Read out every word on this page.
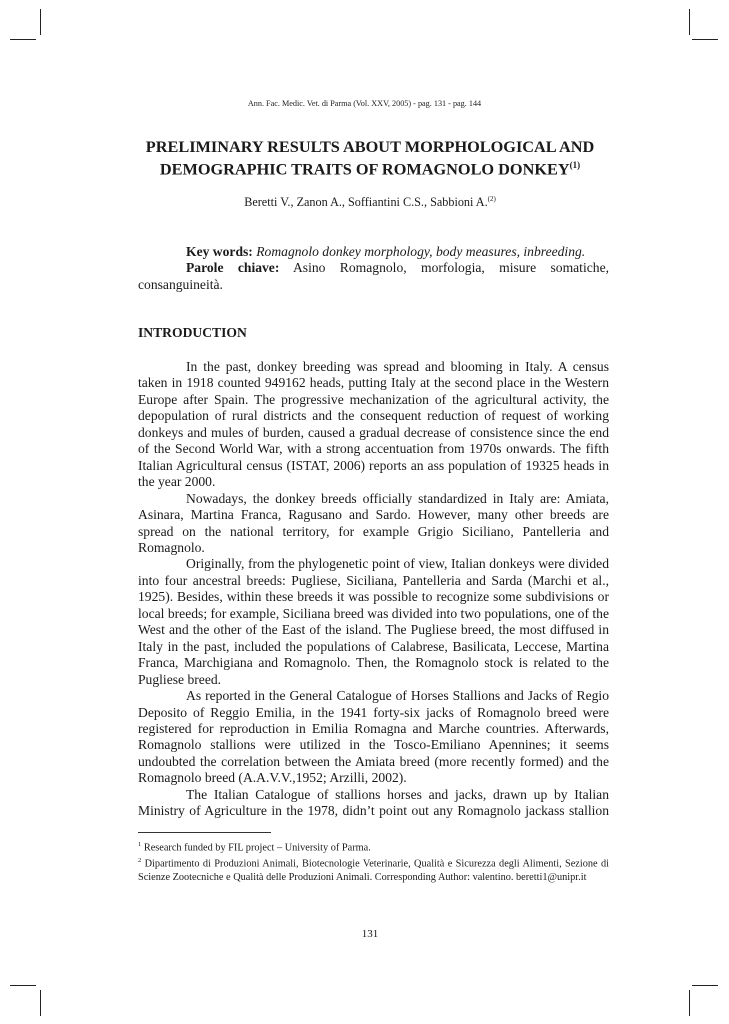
Ann. Fac. Medic. Vet. di Parma (Vol. XXV, 2005) - pag. 131 - pag. 144
PRELIMINARY RESULTS ABOUT MORPHOLOGICAL AND
DEMOGRAPHIC TRAITS OF ROMAGNOLO DONKEY$^{(1)}$
Beretti V., Zanon A., Soffiantini C.S., Sabbioni A.$^{(2)}$
Key words: Romagnolo donkey morphology, body measures, inbreeding.
Parole chiave: Asino Romagnolo, morfologia, misure somatiche, consanguineità.
INTRODUCTION

In the past, donkey breeding was spread and blooming in Italy. A census taken in 1918 counted 949162 heads, putting Italy at the second place in the Western Europe after Spain. The progressive mechanization of the agricultural activity, the depopulation of rural districts and the consequent reduction of request of working donkeys and mules of burden, caused a gradual decrease of consistence since the end of the Second World War, with a strong accentuation from 1970s onwards. The fifth Italian Agricultural census (ISTAT, 2006) reports an ass population of 19325 heads in the year 2000.

Nowadays, the donkey breeds officially standardized in Italy are: Amiata, Asinara, Martina Franca, Ragusano and Sardo. However, many other breeds are spread on the national territory, for example Grigio Siciliano, Pantelleria and Romagnolo.

Originally, from the phylogenetic point of view, Italian donkeys were divided into four ancestral breeds: Pugliese, Siciliana, Pantelleria and Sarda (Marchi et al., 1925). Besides, within these breeds it was possible to recognize some subdivisions or local breeds; for example, Siciliana breed was divided into two populations, one of the West and the other of the East of the island. The Pugliese breed, the most diffused in Italy in the past, included the populations of Calabrese, Basilicata, Leccese, Martina Franca, Marchigiana and Romagnolo. Then, the Romagnolo stock is related to the Pugliese breed.

As reported in the General Catalogue of Horses Stallions and Jacks of Regio Deposito of Reggio Emilia, in the 1941 forty-six jacks of Romagnolo breed were registered for reproduction in Emilia Romagna and Marche countries. Afterwards, Romagnolo stallions were utilized in the Tosco-Emiliano Apennines; it seems undoubted the correlation between the Amiata breed (more recently formed) and the Romagnolo breed (A.A.V.V.,1952; Arzilli, 2002).

The Italian Catalogue of stallions horses and jacks, drawn up by Italian Ministry of Agriculture in the 1978, didn’t point out any Romagnolo jackass stallion

$^1$ Research funded by FIL project – University of Parma.

$^2$ Dipartimento di Produzioni Animali, Biotecnologie Veterinarie, Qualità e Sicurezza degli Alimenti, Sezione di Scienze Zootecniche e Qualità delle Produzioni Animali. Corresponding Author: valentino. beretti1@unipr.it

131
